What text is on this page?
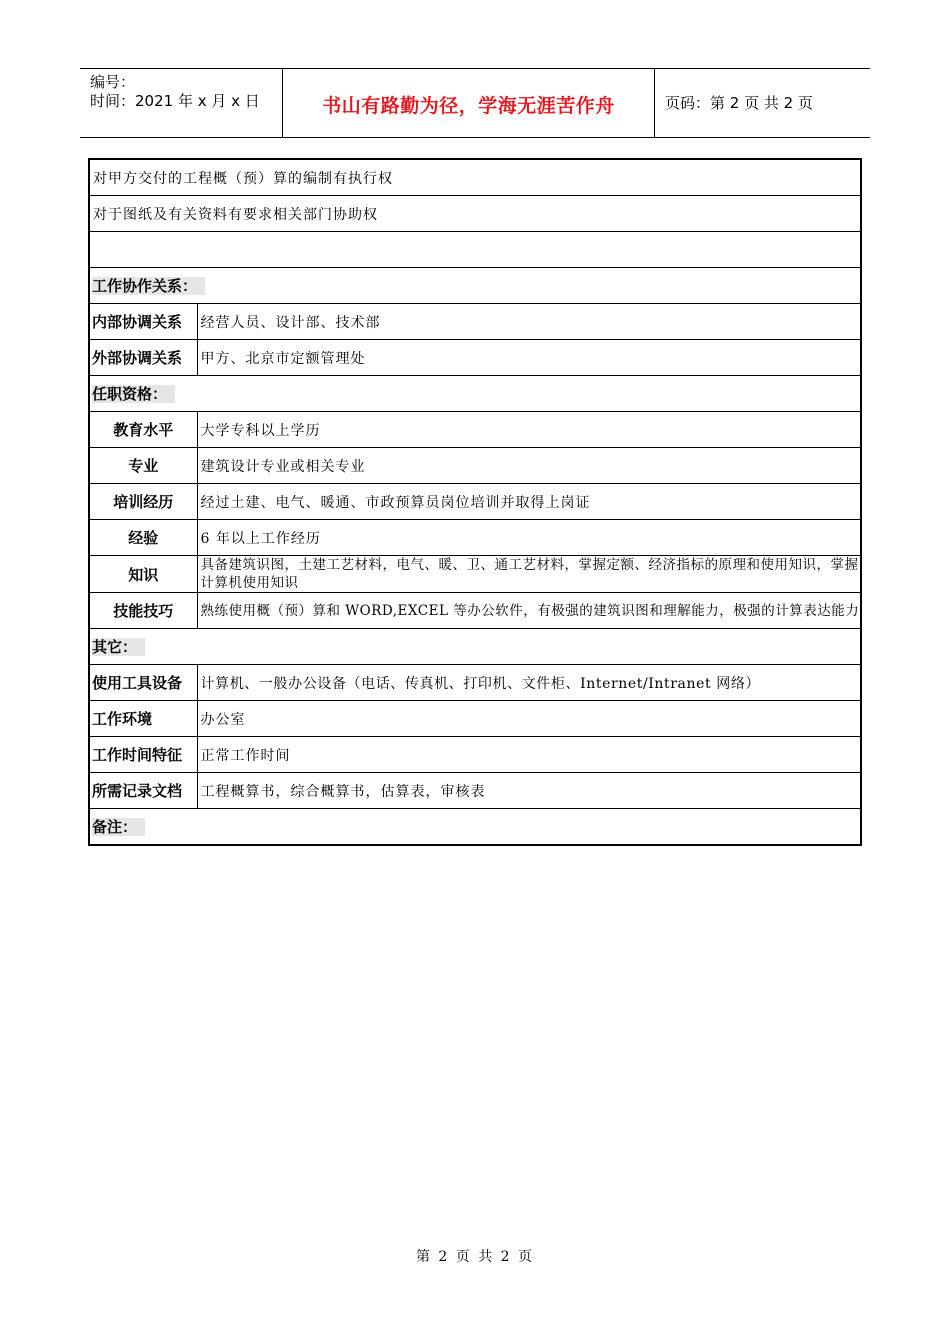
编号：
时间：2021 年 x 月 x 日	书山有路勤为径，学海无涯苦作舟	页码：第 2 页 共 2 页
对甲方交付的工程概（预）算的编制有执行权	
对于图纸及有关资料有要求相关部门协助权	

工作协作关系：	
内部协调关系	经营人员、设计部、技术部
外部协调关系	甲方、北京市定额管理处
任职资格：	
教育水平	大学专科以上学历
专业	建筑设计专业或相关专业
培训经历	经过土建、电气、暖通、市政预算员岗位培训并取得上岗证
经验	6 年以上工作经历
知识	具备建筑识图，土建工艺材料，电气、暖、卫、通工艺材料，掌握定额、经济指标的原理和使用知识，掌握计算机使用知识
技能技巧	熟练使用概（预）算和 WORD,EXCEL 等办公软件，有极强的建筑识图和理解能力，极强的计算表达能力
其它：	
使用工具设备	计算机、一般办公设备（电话、传真机、打印机、文件柜、Internet/Intranet 网络）
工作环境	办公室
工作时间特征	正常工作时间
所需记录文档	工程概算书，综合概算书，估算表，审核表
备注：	
第 2 页 共 2 页
